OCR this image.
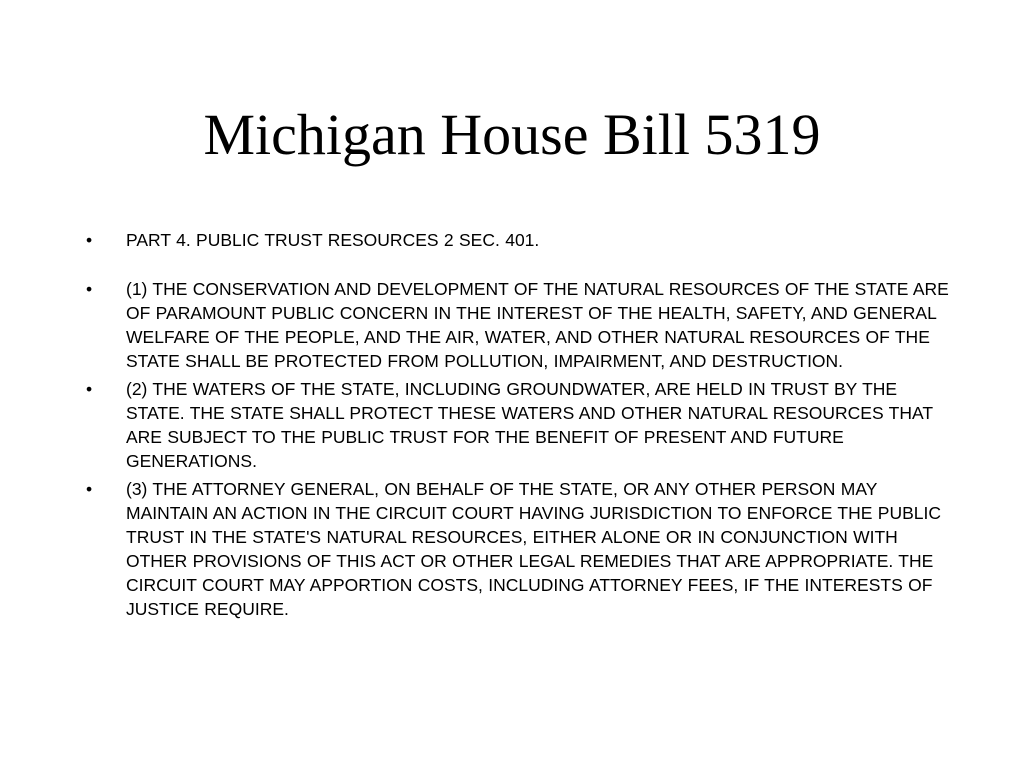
Michigan House Bill 5319
•	PART 4. PUBLIC TRUST RESOURCES 2 SEC. 401.
•	(1) THE CONSERVATION AND DEVELOPMENT OF THE NATURAL RESOURCES OF THE STATE ARE OF PARAMOUNT PUBLIC CONCERN IN THE INTEREST OF THE HEALTH, SAFETY, AND GENERAL WELFARE OF THE PEOPLE, AND THE AIR, WATER, AND OTHER NATURAL RESOURCES OF THE STATE SHALL BE PROTECTED FROM POLLUTION, IMPAIRMENT, AND DESTRUCTION.
•	(2) THE WATERS OF THE STATE, INCLUDING GROUNDWATER, ARE HELD IN TRUST BY THE STATE. THE STATE SHALL PROTECT THESE WATERS AND OTHER NATURAL RESOURCES THAT ARE SUBJECT TO THE PUBLIC TRUST FOR THE BENEFIT OF PRESENT AND FUTURE GENERATIONS.
•	(3) THE ATTORNEY GENERAL, ON BEHALF OF THE STATE, OR ANY OTHER PERSON MAY MAINTAIN AN ACTION IN THE CIRCUIT COURT HAVING JURISDICTION TO ENFORCE THE PUBLIC TRUST IN THE STATE'S NATURAL RESOURCES, EITHER ALONE OR IN CONJUNCTION WITH OTHER PROVISIONS OF THIS ACT OR OTHER LEGAL REMEDIES THAT ARE APPROPRIATE. THE CIRCUIT COURT MAY APPORTION COSTS, INCLUDING ATTORNEY FEES, IF THE INTERESTS OF JUSTICE REQUIRE.
